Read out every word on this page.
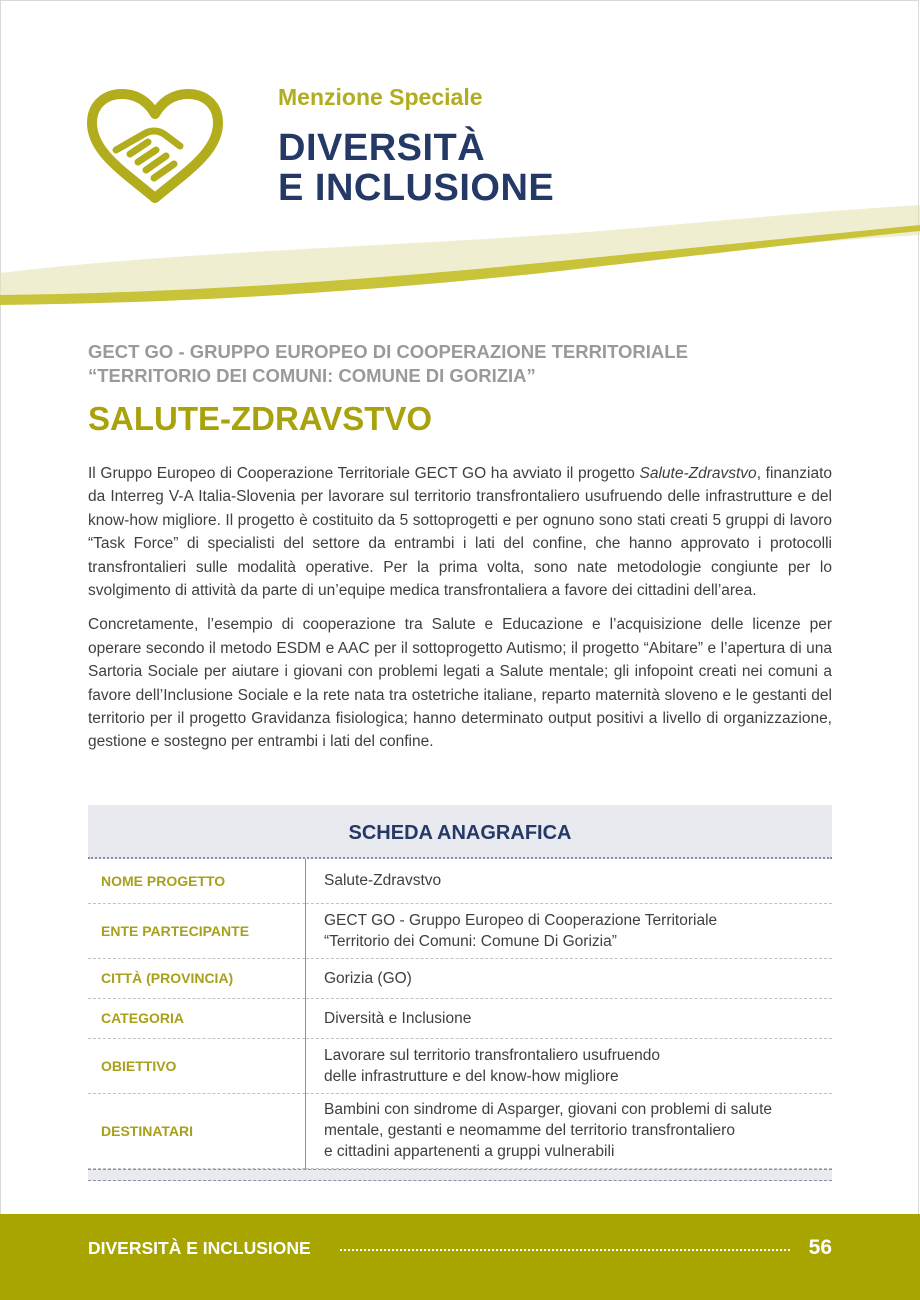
Menzione Speciale
DIVERSITÀ
E INCLUSIONE
GECT GO - GRUPPO EUROPEO DI COOPERAZIONE TERRITORIALE
“TERRITORIO DEI COMUNI: COMUNE DI GORIZIA”
SALUTE-ZDRAVSTVO

Il Gruppo Europeo di Cooperazione Territoriale GECT GO ha avviato il progetto Salute-Zdravstvo, finanziato da Interreg V-A Italia-Slovenia per lavorare sul territorio transfrontaliero usufruendo delle infrastrutture e del know-how migliore. Il progetto è costituito da 5 sottoprogetti e per ognuno sono stati creati 5 gruppi di lavoro “Task Force” di specialisti del settore da entrambi i lati del confine, che hanno approvato i protocolli transfrontalieri sulle modalità operative. Per la prima volta, sono nate metodologie congiunte per lo svolgimento di attività da parte di un’equipe medica transfrontaliera a favore dei cittadini dell’area.

Concretamente, l’esempio di cooperazione tra Salute e Educazione e l’acquisizione delle licenze per operare secondo il metodo ESDM e AAC per il sottoprogetto Autismo; il progetto “Abitare” e l’apertura di una Sartoria Sociale per aiutare i giovani con problemi legati a Salute mentale; gli infopoint creati nei comuni a favore dell’Inclusione Sociale e la rete nata tra ostetriche italiane, reparto maternità sloveno e le gestanti del territorio per il progetto Gravidanza fisiologica; hanno determinato output positivi a livello di organizzazione, gestione e sostegno per entrambi i lati del confine.

SCHEDA ANAGRAFICA
NOME PROGETTO	Salute-Zdravstvo

ENTE PARTECIPANTE	GECT GO - Gruppo Europeo di Cooperazione Territoriale
“Territorio dei Comuni: Comune Di Gorizia”

CITTÀ (PROVINCIA)	Gorizia (GO)

CATEGORIA	Diversità e Inclusione

OBIETTIVO	Lavorare sul territorio transfrontaliero usufruendo
delle infrastrutture e del know-how migliore

DESTINATARI	Bambini con sindrome di Asparger, giovani con problemi di salute
mentale, gestanti e neomamme del territorio transfrontaliero
e cittadini appartenenti a gruppi vulnerabili
DIVERSITÀ E INCLUSIONE	56
